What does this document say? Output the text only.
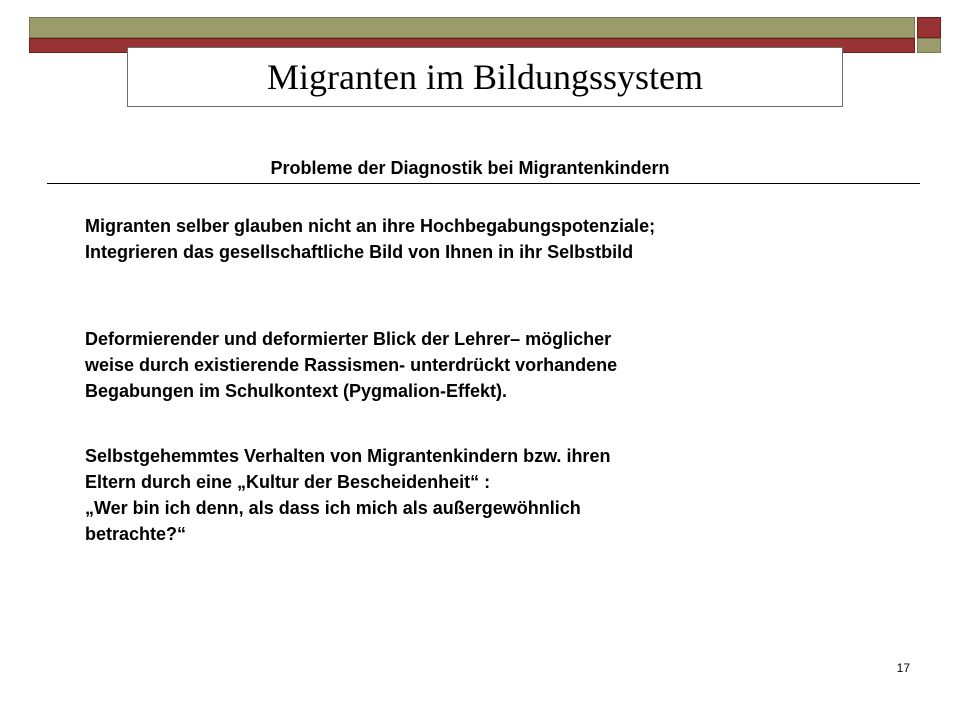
Migranten im Bildungssystem
Probleme der Diagnostik bei Migrantenkindern

Migranten selber glauben nicht an ihre Hochbegabungspotenziale;
Integrieren das gesellschaftliche Bild von Ihnen in ihr Selbstbild

Deformierender und deformierter Blick der Lehrer– möglicher
weise durch existierende Rassismen- unterdrückt vorhandene
Begabungen im Schulkontext (Pygmalion-Effekt).

Selbstgehemmtes Verhalten von Migrantenkindern bzw. ihren
Eltern durch eine „Kultur der Bescheidenheit“ :
„Wer bin ich denn, als dass ich mich als außergewöhnlich
betrachte?“

17
